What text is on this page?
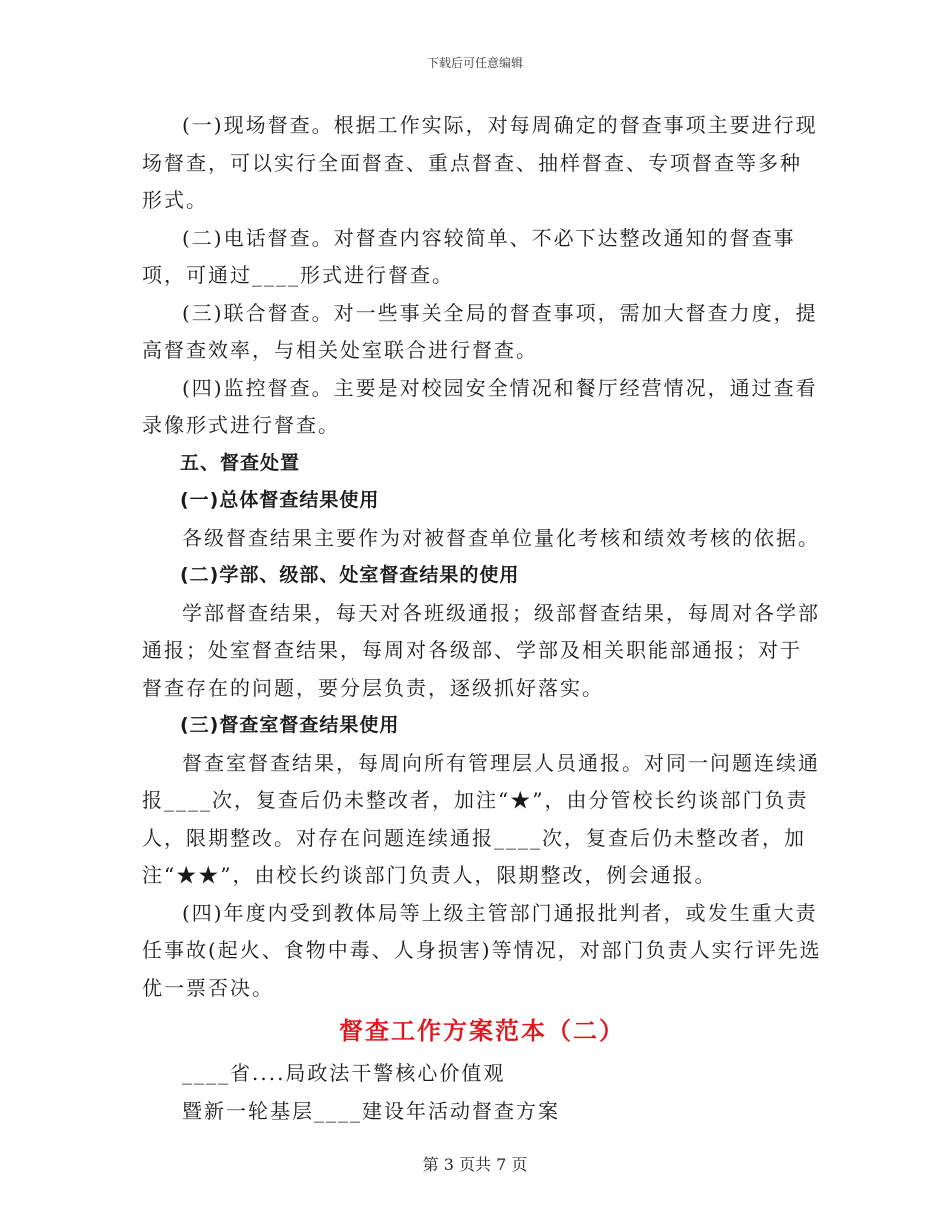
下载后可任意编辑

(一)现场督查。根据工作实际，对每周确定的督查事项主要进行现场督查，可以实行全面督查、重点督查、抽样督查、专项督查等多种形式。

(二)电话督查。对督查内容较简单、不必下达整改通知的督查事项，可通过____形式进行督查。

(三)联合督查。对一些事关全局的督查事项，需加大督查力度，提高督查效率，与相关处室联合进行督查。

(四)监控督查。主要是对校园安全情况和餐厅经营情况，通过查看录像形式进行督查。

五、督查处置

(一)总体督查结果使用

各级督查结果主要作为对被督查单位量化考核和绩效考核的依据。

(二)学部、级部、处室督查结果的使用

学部督查结果，每天对各班级通报；级部督查结果，每周对各学部通报；处室督查结果，每周对各级部、学部及相关职能部通报；对于督查存在的问题，要分层负责，逐级抓好落实。

(三)督查室督查结果使用

督查室督查结果，每周向所有管理层人员通报。对同一问题连续通报____次，复查后仍未整改者，加注“★”，由分管校长约谈部门负责人，限期整改。对存在问题连续通报____次，复查后仍未整改者，加注“★★”，由校长约谈部门负责人，限期整改，例会通报。

(四)年度内受到教体局等上级主管部门通报批判者，或发生重大责任事故(起火、食物中毒、人身损害)等情况，对部门负责人实行评先选优一票否决。

督查工作方案范本（二）

____省....局政法干警核心价值观

暨新一轮基层____建设年活动督查方案

第 3 页共 7 页
